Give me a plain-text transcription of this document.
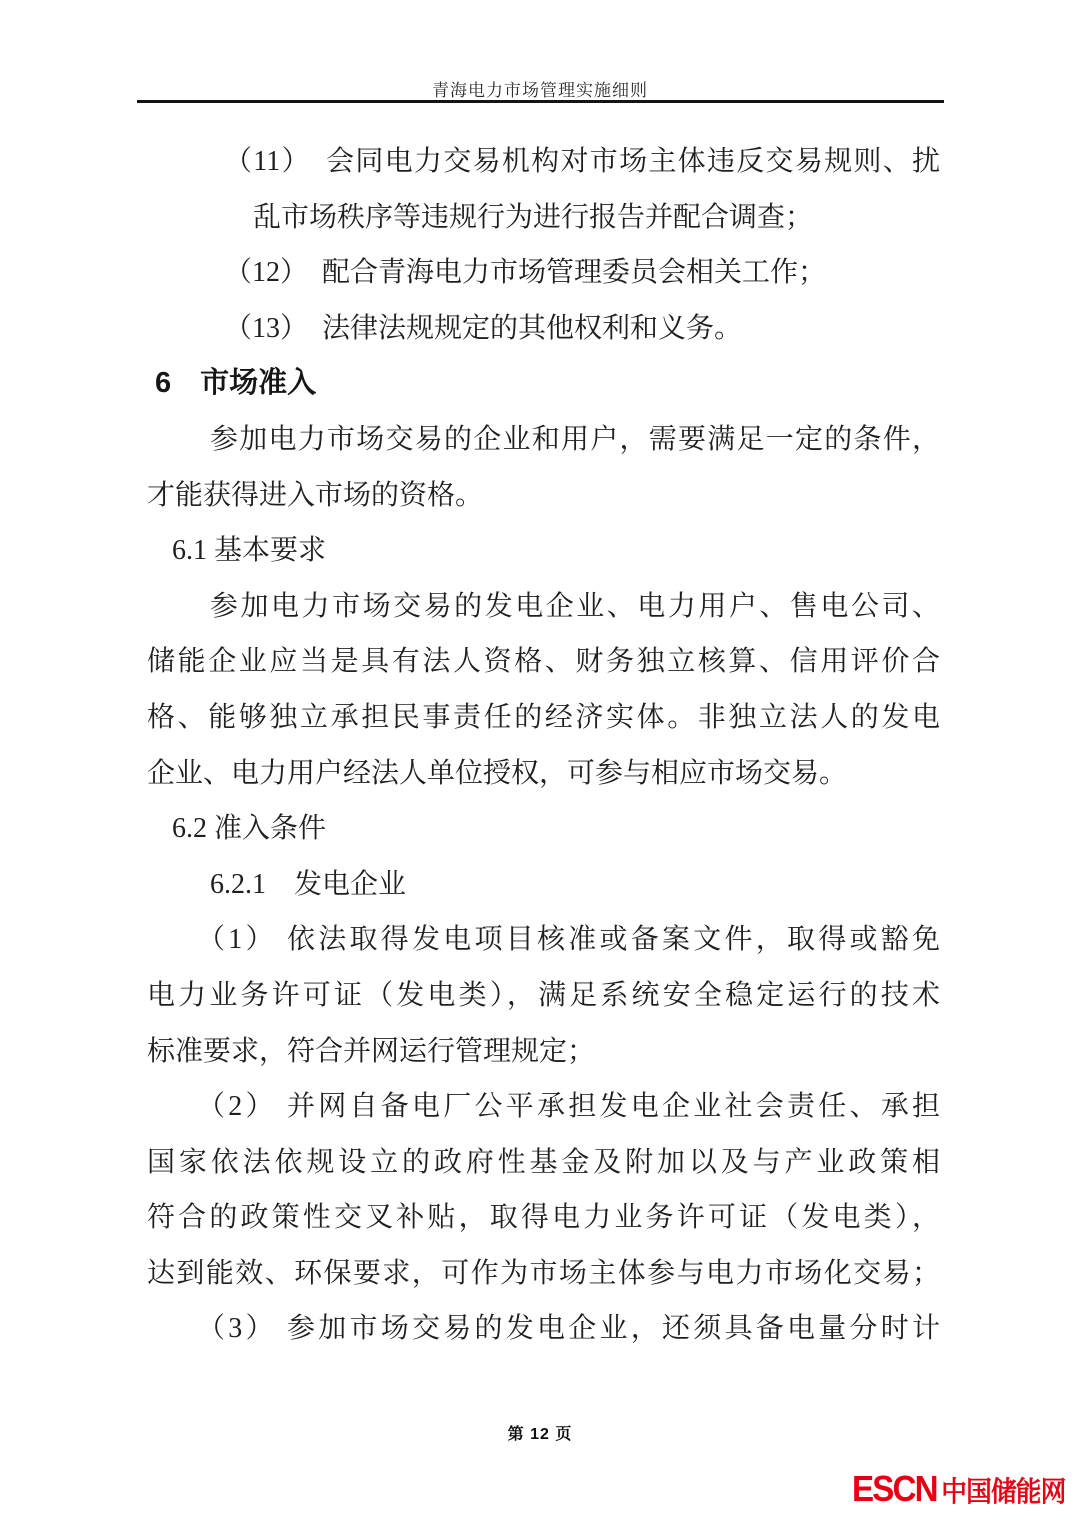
青海电力市场管理实施细则
（11）　会同电力交易机构对市场主体违反交易规则、扰
乱市场秩序等违规行为进行报告并配合调查；
（12）　配合青海电力市场管理委员会相关工作；
（13）　法律法规规定的其他权利和义务。
6　市场准入
参加电力市场交易的企业和用户，需要满足一定的条件，
才能获得进入市场的资格。
6.1 基本要求
参加电力市场交易的发电企业、电力用户、售电公司、
储能企业应当是具有法人资格、财务独立核算、信用评价合
格、能够独立承担民事责任的经济实体。非独立法人的发电
企业、电力用户经法人单位授权，可参与相应市场交易。
6.2 准入条件
6.2.1　发电企业
（1） 依法取得发电项目核准或备案文件，取得或豁免
电力业务许可证（发电类），满足系统安全稳定运行的技术
标准要求，符合并网运行管理规定；
（2） 并网自备电厂公平承担发电企业社会责任、承担
国家依法依规设立的政府性基金及附加以及与产业政策相
符合的政策性交叉补贴，取得电力业务许可证（发电类），
达到能效、环保要求，可作为市场主体参与电力市场化交易；
（3） 参加市场交易的发电企业，还须具备电量分时计
第 12 页
ESCN 中国储能网
